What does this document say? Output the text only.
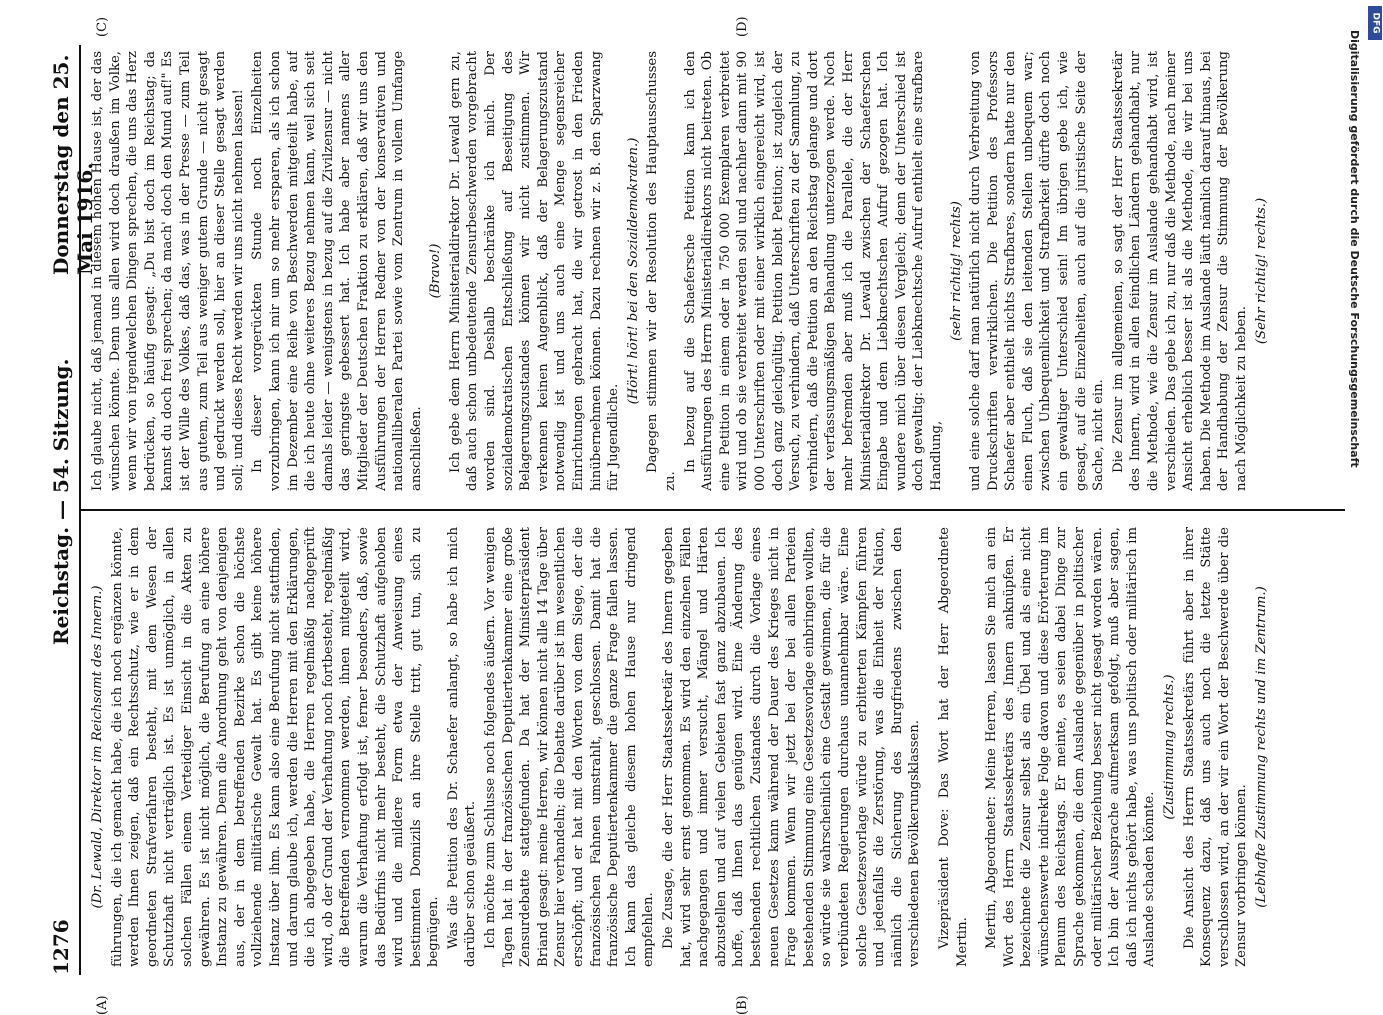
1276
Reichstag. — 54. Sitzung.
Donnerstag den 25. Mai 1916.
(A)	(B)
(C)	(D)

(Dr. Lewald, Direktor im Reichsamt des Innern.) führungen, die ich gemacht habe, die ich noch ergänzen könnte, werden Ihnen zeigen, daß ein Rechtsschutz, wie er in dem geordneten Strafverfahren besteht, mit dem Wesen der Schutzhaft nicht verträglich ist. Es ist unmöglich, in allen solchen Fällen einem Verteidiger Einsicht in die Akten zu gewähren. Es ist nicht möglich, die Berufung an eine höhere Instanz zu gewähren. Denn die Anordnung geht von denjenigen aus, der in dem betreffenden Bezirke schon die höchste vollziehende militärische Gewalt hat. Es gibt keine höhere Instanz über ihm. Es kann also eine Berufung nicht stattfinden, und darum glaube ich, werden die Herren mit den Erklärungen, die ich abgegeben habe, die Herren regelmäßig nachgeprüft wird, ob der Grund der Verhaftung noch fortbesteht, regelmäßig die Betreffenden vernommen werden, ihnen mitgeteilt wird, warum die Verhaftung erfolgt ist, ferner besonders, daß, sowie das Bedürfnis nicht mehr besteht, die Schutzhaft aufgehoben wird und die mildere Form etwa der Anweisung eines bestimmten Domizils an ihre Stelle tritt, gut tun, sich zu begnügen. Was die Petition des Dr. Schaefer anlangt, so habe ich mich darüber schon geäußert. Ich möchte zum Schlusse noch folgendes äußern. Vor wenigen Tagen hat in der französischen Deputiertenkammer eine große Zensurdebatte stattgefunden. Da hat der Ministerpräsident Briand gesagt: meine Herren, wir können nicht alle 14 Tage über Zensur hier verhandeln; die Debatte darüber ist im wesentlichen erschöpft; und er hat mit den Worten von dem Siege, der die französischen Fahnen umstrahlt, geschlossen. Damit hat die französische Deputiertenkammer die ganze Frage fallen lassen. Ich kann das gleiche diesem hohen Hause nur dringend empfehlen. Die Zusage, die der Herr Staatssekretär des Innern gegeben hat, wird sehr ernst genommen. Es wird den einzelnen Fällen nachgegangen und immer versucht, Mängel und Härten abzustellen und auf vielen Gebieten fast ganz abzubauen. Ich hoffe, daß Ihnen das genügen wird. Eine Änderung des bestehenden rechtlichen Zustandes durch die Vorlage eines neuen Gesetzes kann während der Dauer des Krieges nicht in Frage kommen. Wenn wir jetzt bei der bei allen Parteien bestehenden Stimmung eine Gesetzesvorlage einbringen wollten, so würde sie wahrscheinlich eine Gestalt gewinnen, die für die verbündeten Regierungen durchaus unannehmbar wäre. Eine solche Gesetzesvorlage würde zu erbitterten Kämpfen führen und jedenfalls die Zerstörung, was die Einheit der Nation, nämlich die Sicherung des Burgfriedens zwischen den verschiedenen Bevölkerungsklassen. Vizepräsident Dove: Das Wort hat der Herr Abgeordnete Mertin. Mertin, Abgeordneter: Meine Herren, lassen Sie mich an ein Wort des Herrn Staatssekretärs des Innern anknüpfen. Er bezeichnete die Zensur selbst als ein Übel und als eine nicht wünschenswerte indirekte Folge davon und diese Erörterung im Plenum des Reichstags. Er meinte, es seien dabei Dinge zur Sprache gekommen, die dem Auslande gegenüber in politischer oder militärischer Beziehung besser nicht gesagt worden wären. Ich bin der Aussprache aufmerksam gefolgt, muß aber sagen, daß ich nichts gehört habe, was uns politisch oder militärisch im Auslande schaden könnte.

(Zustimmung rechts.) Die Ansicht des Herrn Staatssekretärs führt aber in ihrer Konsequenz dazu, daß uns auch noch die letzte Stätte verschlossen wird, an der wir ein Wort der Beschwerde über die Zensur vorbringen können. (Lebhafte Zustimmung rechts und im Zentrum.)

Ich glaube nicht, daß jemand in diesem hohen Hause ist, der das wünschen könnte. Denn uns allen wird doch draußen im Volke, wenn wir von irgendwelchen Dingen sprechen, die uns das Herz bedrücken, so häufig gesagt: „Du bist doch im Reichstag; da kannst du doch frei sprechen; da mach' doch den Mund auf!" Es ist der Wille des Volkes, daß das, was in der Presse — zum Teil aus gutem, zum Teil aus weniger gutem Grunde — nicht gesagt und gedruckt werden soll, hier an dieser Stelle gesagt werden soll; und dieses Recht werden wir uns nicht nehmen lassen! In dieser vorgerückten Stunde noch Einzelheiten vorzubringen, kann ich mir um so mehr ersparen, als ich schon im Dezember eine Reihe von Beschwerden mitgeteilt habe, auf die ich heute ohne weiteres Bezug nehmen kann, weil sich seit damals leider — wenigstens in bezug auf die Zivilzensur — nicht das geringste gebessert hat. Ich habe aber namens aller Mitglieder der Deutschen Fraktion zu erklären, daß wir uns den Ausführungen der Herren Redner von der konservativen und nationalliberalen Partei sowie vom Zentrum in vollem Umfange anschließen.

(Bravo!) Ich gebe dem Herrn Ministerialdirektor Dr. Lewald gern zu, daß auch schon unbedeutende Zensurbeschwerden vorgebracht worden sind. Deshalb beschränke ich mich. Der sozialdemokratischen Entschließung auf Beseitigung des Belagerungszustandes können wir nicht zustimmen. Wir verkennen keinen Augenblick, daß der Belagerungszustand notwendig ist und uns auch eine Menge segensreicher Einrichtungen gebracht hat, die wir getrost in den Frieden hinübernehmen können. Dazu rechnen wir z. B. den Sparzwang für Jugendliche.

(Hört! hört! bei den Sozialdemokraten.) Dagegen stimmen wir der Resolution des Hauptausschusses zu.

In bezug auf die Schaefersche Petition kann ich den Ausführungen des Herrn Ministerialdirektors nicht beitreten. Ob eine Petition in einem oder in 750 000 Exemplaren verbreitet wird und ob sie verbreitet werden soll und nachher dann mit 90 000 Unterschriften oder mit einer wirklich eingereicht wird, ist doch ganz gleichgültig. Petition bleibt Petition; ist zugleich der Versuch, zu verhindern, daß Unterschriften zu der Sammlung, zu verhindern, daß die Petition an den Reichstag gelange und dort der verfassungsmäßigen Behandlung unterzogen werde. Noch mehr befremden aber muß ich die Parallele, die der Herr Ministerialdirektor Dr. Lewald zwischen der Schaeferschen Eingabe und dem Liebknechtschen Aufruf gezogen hat. Ich wundere mich über diesen Vergleich; denn der Unterschied ist doch gewaltig: der Liebknechtsche Aufruf enthielt eine strafbare Handlung,

(sehr richtig! rechts) und eine solche darf man natürlich nicht durch Verbreitung von Druckschriften verwirklichen. Die Petition des Professors Schaefer aber enthielt nichts Strafbares, sondern hatte nur den einen Fluch, daß sie den leitenden Stellen unbequem war; zwischen Unbequemlichkeit und Strafbarkeit dürfte doch noch ein gewaltiger Unterschied sein! Im übrigen gebe ich, wie gesagt, auf die Einzelheiten, auch auf die juristische Seite der Sache, nicht ein. Die Zensur im allgemeinen, so sagt der Herr Staatssekretär des Innern, wird in allen feindlichen Ländern gehandhabt, nur die Methode, wie die Zensur im Auslande gehandhabt wird, ist verschieden. Das gebe ich zu, nur daß die Methode, nach meiner Ansicht erheblich besser ist als die Methode, die wir bei uns haben. Die Methode im Auslande läuft nämlich darauf hinaus, bei der Handhabung der Zensur die Stimmung der Bevölkerung nach Möglichkeit zu heben.

(Sehr richtig! rechts.)	Digitalisierung gefördert durch die Deutsche Forschungsgemeinschaft
DFG
